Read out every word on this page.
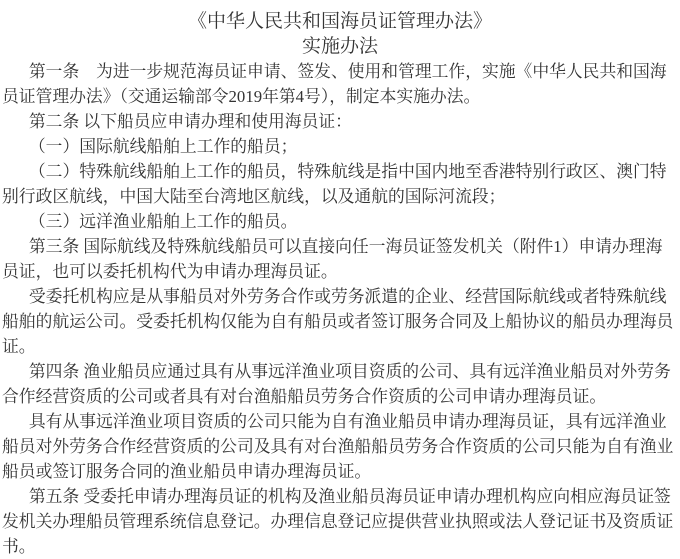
《中华人民共和国海员证管理办法》
实施办法

第一条　为进一步规范海员证申请、签发、使用和管理工作，实施《中华人民共和国海员证管理办法》（交通运输部令2019年第4号），制定本实施办法。

第二条 以下船员应申请办理和使用海员证：

（一）国际航线船舶上工作的船员；

（二）特殊航线船舶上工作的船员，特殊航线是指中国内地至香港特别行政区、澳门特别行政区航线，中国大陆至台湾地区航线，以及通航的国际河流段；

（三）远洋渔业船舶上工作的船员。

第三条 国际航线及特殊航线船员可以直接向任一海员证签发机关（附件1）申请办理海员证，也可以委托机构代为申请办理海员证。

受委托机构应是从事船员对外劳务合作或劳务派遣的企业、经营国际航线或者特殊航线船舶的航运公司。受委托机构仅能为自有船员或者签订服务合同及上船协议的船员办理海员证。

第四条 渔业船员应通过具有从事远洋渔业项目资质的公司、具有远洋渔业船员对外劳务合作经营资质的公司或者具有对台渔船船员劳务合作资质的公司申请办理海员证。

具有从事远洋渔业项目资质的公司只能为自有渔业船员申请办理海员证，具有远洋渔业船员对外劳务合作经营资质的公司及具有对台渔船船员劳务合作资质的公司只能为自有渔业船员或签订服务合同的渔业船员申请办理海员证。

第五条 受委托申请办理海员证的机构及渔业船员海员证申请办理机构应向相应海员证签发机关办理船员管理系统信息登记。办理信息登记应提供营业执照或法人登记证书及资质证书。
